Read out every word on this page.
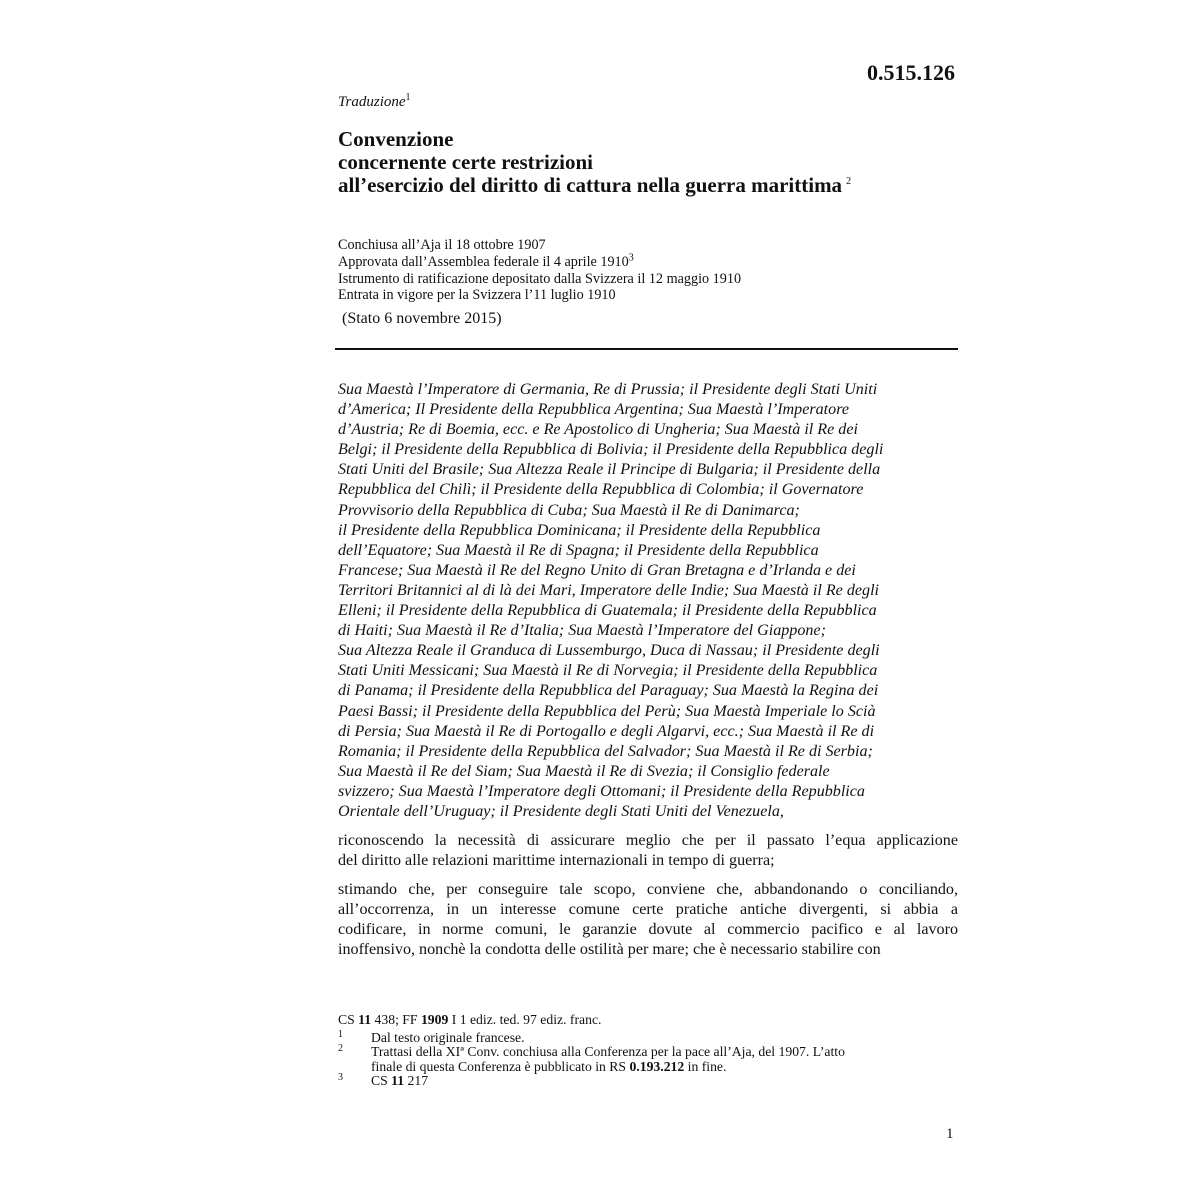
0.515.126
Traduzione$^1$
Convenzione
concernente certe restrizioni
all’esercizio del diritto di cattura nella guerra marittima $^2$
Conchiusa all’Aja il 18 ottobre 1907
Approvata dall’Assemblea federale il 4 aprile 1910$^3$
Istrumento di ratificazione depositato dalla Svizzera il 12 maggio 1910
Entrata in vigore per la Svizzera l’11 luglio 1910
(Stato 6 novembre 2015)
Sua Maestà l’Imperatore di Germania, Re di Prussia; il Presidente degli Stati Uniti
d’America; Il Presidente della Repubblica Argentina; Sua Maestà l’Imperatore
d’Austria; Re di Boemia, ecc. e Re Apostolico di Ungheria; Sua Maestà il Re dei
Belgi; il Presidente della Repubblica di Bolivia; il Presidente della Repubblica degli
Stati Uniti del Brasile; Sua Altezza Reale il Principe di Bulgaria; il Presidente della
Repubblica del Chilì; il Presidente della Repubblica di Colombia; il Governatore
Provvisorio della Repubblica di Cuba; Sua Maestà il Re di Danimarca;
il Presidente della Repubblica Dominicana; il Presidente della Repubblica
dell’Equatore; Sua Maestà il Re di Spagna; il Presidente della Repubblica
Francese; Sua Maestà il Re del Regno Unito di Gran Bretagna e d’Irlanda e dei
Territori Britannici al di là dei Mari, Imperatore delle Indie; Sua Maestà il Re degli
Elleni; il Presidente della Repubblica di Guatemala; il Presidente della Repubblica
di Haiti; Sua Maestà il Re d’Italia; Sua Maestà l’Imperatore del Giappone;
Sua Altezza Reale il Granduca di Lussemburgo, Duca di Nassau; il Presidente degli
Stati Uniti Messicani; Sua Maestà il Re di Norvegia; il Presidente della Repubblica
di Panama; il Presidente della Repubblica del Paraguay; Sua Maestà la Regina dei
Paesi Bassi; il Presidente della Repubblica del Perù; Sua Maestà Imperiale lo Scià
di Persia; Sua Maestà il Re di Portogallo e degli Algarvi, ecc.; Sua Maestà il Re di
Romania; il Presidente della Repubblica del Salvador; Sua Maestà il Re di Serbia;
Sua Maestà il Re del Siam; Sua Maestà il Re di Svezia; il Consiglio federale
svizzero; Sua Maestà l’Imperatore degli Ottomani; il Presidente della Repubblica
Orientale dell’Uruguay; il Presidente degli Stati Uniti del Venezuela,
riconoscendo la necessità di assicurare meglio che per il passato l’equa applicazione
del diritto alle relazioni marittime internazionali in tempo di guerra;
stimando che, per conseguire tale scopo, conviene che, abbandonando o conciliando,
all’occorrenza, in un interesse comune certe pratiche antiche divergenti, si abbia a
codificare, in norme comuni, le garanzie dovute al commercio pacifico e al lavoro
inoffensivo, nonchè la condotta delle ostilità per mare; che è necessario stabilire con
CS 11 438; FF 1909 I 1 ediz. ted. 97 ediz. franc.
1 Dal testo originale francese.
2 Trattasi della XIª Conv. conchiusa alla Conferenza per la pace all’Aja, del 1907. L’atto
finale di questa Conferenza è pubblicato in RS 0.193.212 in fine.
3 CS 11 217
1
